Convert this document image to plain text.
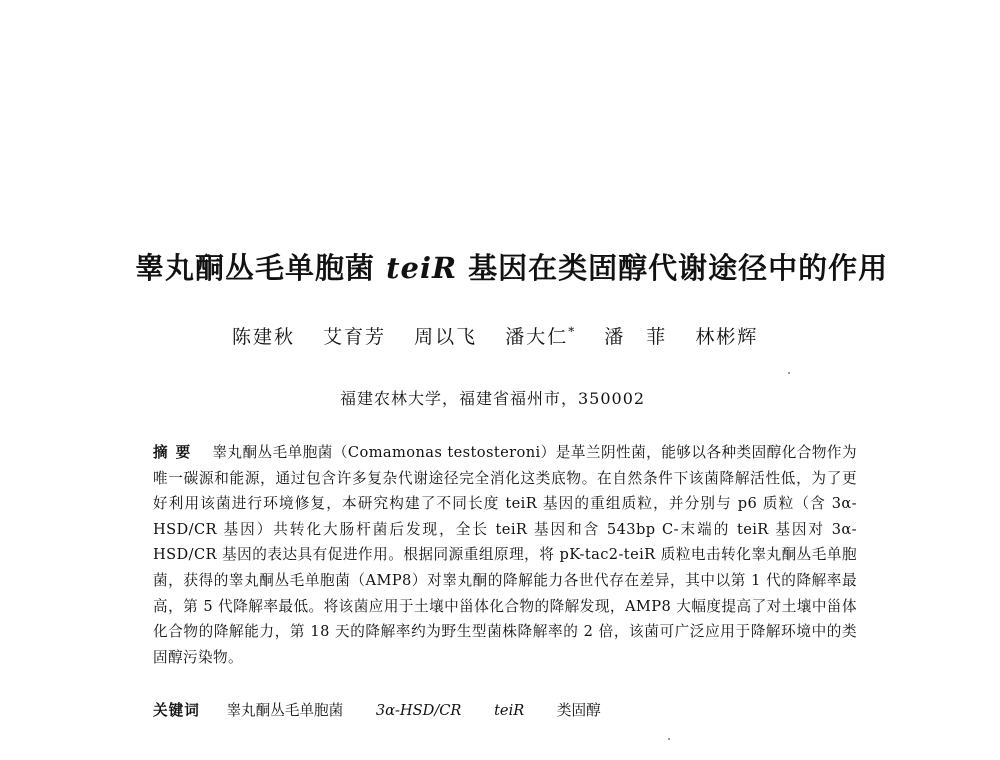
睾丸酮丛毛单胞菌 teiR 基因在类固醇代谢途径中的作用
陈建秋 艾育芳 周以飞 潘大仁* 潘　菲 林彬辉
福建农林大学，福建省福州市，350002
摘要 睾丸酮丛毛单胞菌（Comamonas testosteroni）是革兰阴性菌，能够以各种类固醇化合物作为唯一碳源和能源，通过包含许多复杂代谢途径完全消化这类底物。在自然条件下该菌降解活性低，为了更好利用该菌进行环境修复，本研究构建了不同长度 teiR 基因的重组质粒，并分别与 p6 质粒（含 3α-HSD/CR 基因）共转化大肠杆菌后发现，全长 teiR 基因和含 543bp C-末端的 teiR 基因对 3α-HSD/CR 基因的表达具有促进作用。根据同源重组原理，将 pK-tac2-teiR 质粒电击转化睾丸酮丛毛单胞菌，获得的睾丸酮丛毛单胞菌（AMP8）对睾丸酮的降解能力各世代存在差异，其中以第 1 代的降解率最高，第 5 代降解率最低。将该菌应用于土壤中甾体化合物的降解发现，AMP8 大幅度提高了对土壤中甾体化合物的降解能力，第 18 天的降解率约为野生型菌株降解率的 2 倍，该菌可广泛应用于降解环境中的类固醇污染物。
关键词 睾丸酮丛毛单胞菌 3α-HSD/CR teiR 类固醇
